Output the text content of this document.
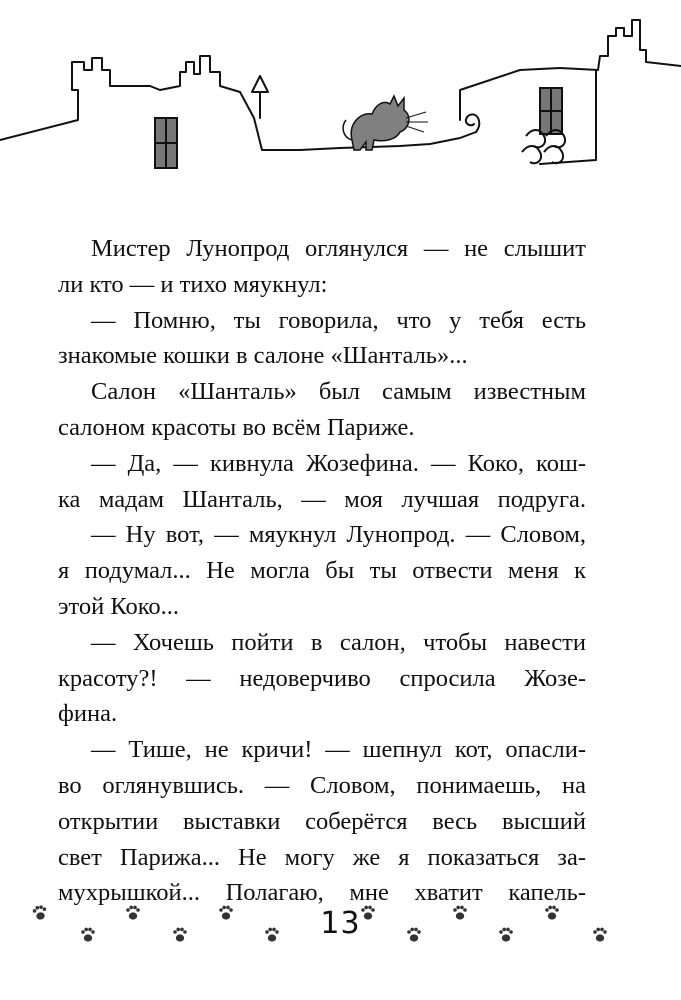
Мистер Лунопрод оглянулся — не слышит
ли кто — и тихо мяукнул:
— Помню, ты говорила, что у тебя есть
знакомые кошки в салоне «Шанталь»...
Салон «Шанталь» был самым известным
салоном красоты во всём Париже.
— Да, — кивнула Жозефина. — Коко, кош-
ка мадам Шанталь, — моя лучшая подруга.
— Ну вот, — мяукнул Лунопрод. — Словом,
я подумал... Не могла бы ты отвести меня к
этой Коко...
— Хочешь пойти в салон, чтобы навести
красоту?! — недоверчиво спросила Жозе-
фина.
— Тише, не кричи! — шепнул кот, опасли-
во оглянувшись. — Словом, понимаешь, на
открытии выставки соберётся весь высший
свет Парижа... Не могу же я показаться за-
мухрышкой... Полагаю, мне хватит капель-
13
